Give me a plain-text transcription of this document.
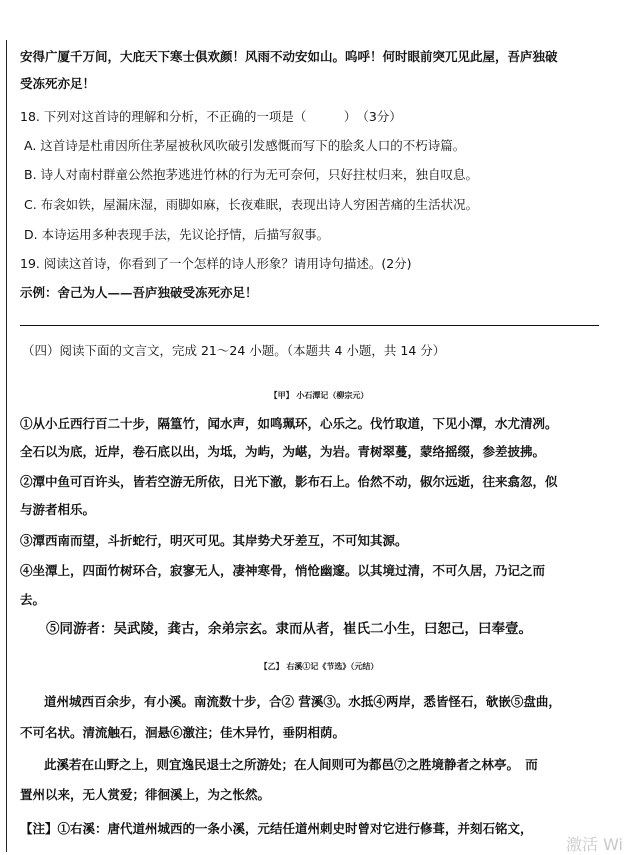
安得广厦千万间，大庇天下寒士俱欢颜！风雨不动安如山。呜呼！何时眼前突兀见此屋，吾庐独破
受冻死亦足！
18. 下列对这首诗的理解和分析，不正确的一项是（　　　）　（3分）
A. 这首诗是杜甫因所住茅屋被秋风吹破引发感慨而写下的脍炙人口的不朽诗篇。
B. 诗人对南村群童公然抱茅逃进竹林的行为无可奈何，只好拄杖归来，独自叹息。
C. 布衾如铁，屋漏床湿，雨脚如麻，长夜难眠，表现出诗人穷困苦痛的生活状况。
D. 本诗运用多种表现手法，先议论抒情，后描写叙事。
19. 阅读这首诗，你看到了一个怎样的诗人形象？请用诗句描述。(2分)
示例：舍己为人——吾庐独破受冻死亦足！
（四）阅读下面的文言文，完成 21～24 小题。（本题共 4 小题，共 14 分）
【甲】 小石潭记（柳宗元）
①从小丘西行百二十步，隔篁竹，闻水声，如鸣珮环，心乐之。伐竹取道，下见小潭，水尤清冽。
全石以为底，近岸，卷石底以出，为坻，为屿，为嵁，为岩。青树翠蔓，蒙络摇缀，参差披拂。
②潭中鱼可百许头，皆若空游无所依，日光下澈，影布石上。佁然不动，俶尔远逝，往来翕忽，似
与游者相乐。
③潭西南而望，斗折蛇行，明灭可见。其岸势犬牙差互，不可知其源。
④坐潭上，四面竹树环合，寂寥无人，凄神寒骨，悄怆幽邃。以其境过清，不可久居，乃记之而
去。
⑤同游者：吴武陵，龚古，余弟宗玄。隶而从者，崔氏二小生，曰恕己，曰奉壹。
【乙】 右溪①记《节选》（元结）
道州城西百余步，有小溪。南流数十步，合② 营溪③。水抵④两岸，悉皆怪石，欹嵌⑤盘曲，
不可名状。清流触石，洄悬⑥激注；佳木异竹，垂阴相荫。
此溪若在山野之上，则宜逸民退士之所游处；在人间则可为都邑⑦之胜境静者之林亭。　而
置州以来，无人赏爱；徘徊溪上，为之怅然。
【注】①右溪：唐代道州城西的一条小溪，元结任道州刺史时曾对它进行修葺，并刻石铭文，
激活 Wi
